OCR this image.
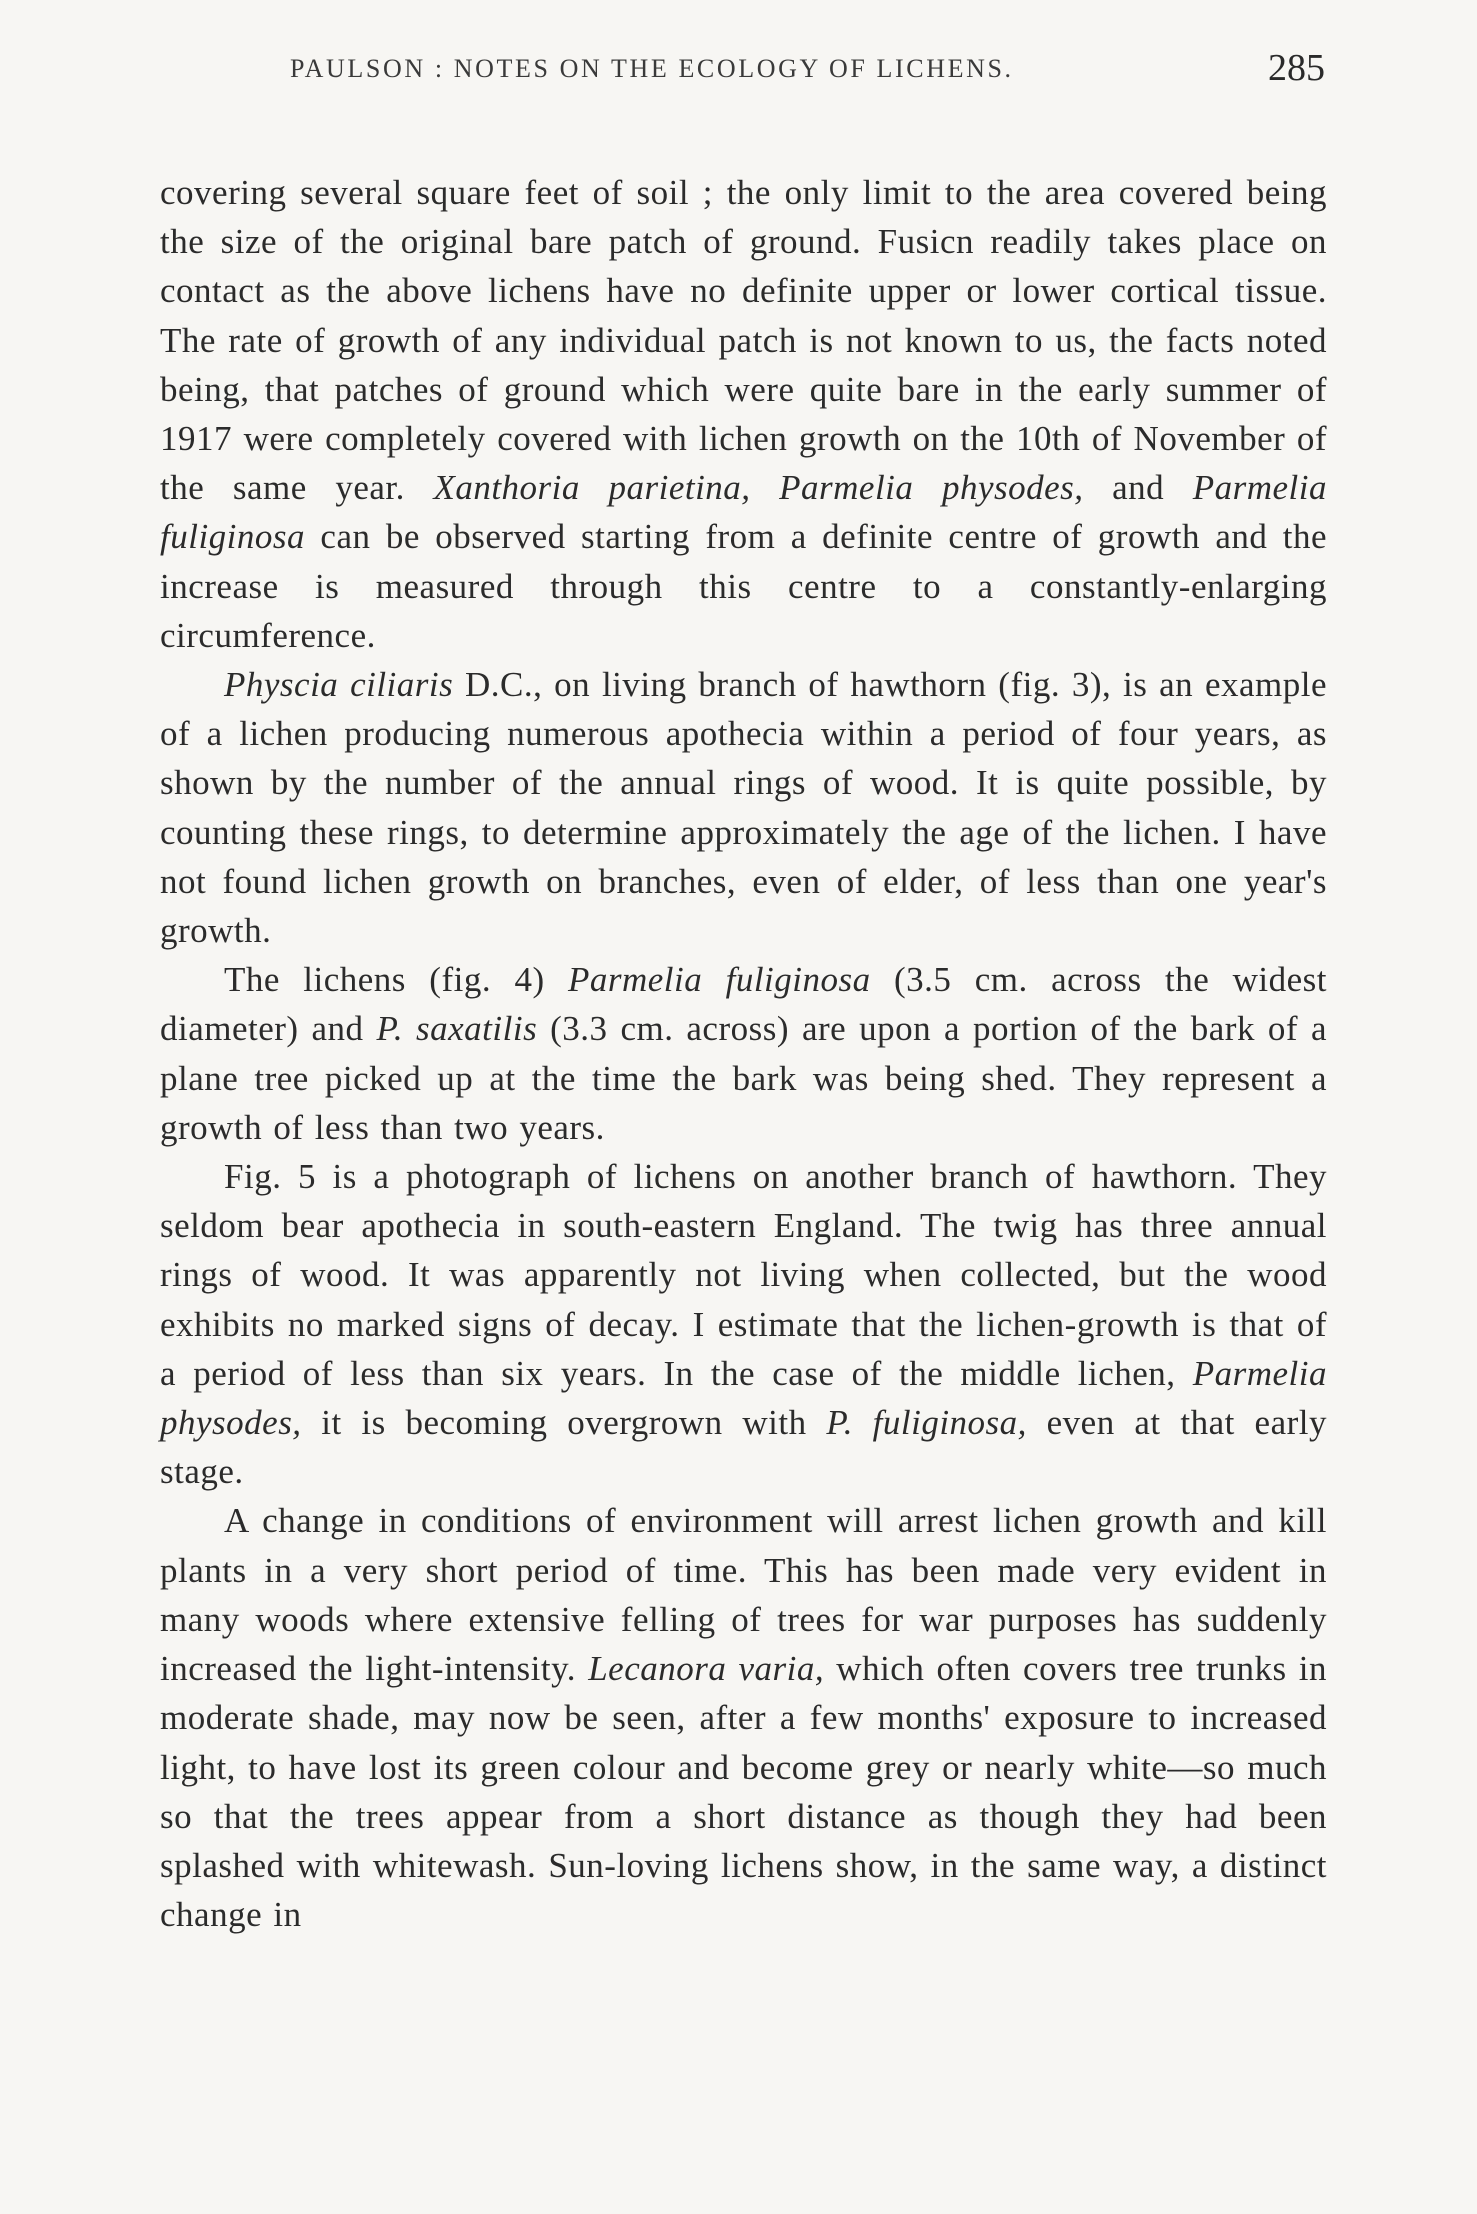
PAULSON : NOTES ON THE ECOLOGY OF LICHENS.	285

covering several square feet of soil ; the only limit to the area covered being the size of the original bare patch of ground. Fusicn readily takes place on contact as the above lichens have no definite upper or lower cortical tissue. The rate of growth of any individual patch is not known to us, the facts noted being, that patches of ground which were quite bare in the early summer of 1917 were completely covered with lichen growth on the 10th of November of the same year. Xanthoria parietina, Parmelia physodes, and Parmelia fuliginosa can be observed starting from a definite centre of growth and the increase is measured through this centre to a constantly-enlarging circumference.

Physcia ciliaris D.C., on living branch of hawthorn (fig. 3), is an example of a lichen producing numerous apothecia within a period of four years, as shown by the number of the annual rings of wood. It is quite possible, by counting these rings, to determine approximately the age of the lichen. I have not found lichen growth on branches, even of elder, of less than one year's growth.

The lichens (fig. 4) Parmelia fuliginosa (3.5 cm. across the widest diameter) and P. saxatilis (3.3 cm. across) are upon a portion of the bark of a plane tree picked up at the time the bark was being shed. They represent a growth of less than two years.

Fig. 5 is a photograph of lichens on another branch of hawthorn. They seldom bear apothecia in south-eastern England. The twig has three annual rings of wood. It was apparently not living when collected, but the wood exhibits no marked signs of decay. I estimate that the lichen-growth is that of a period of less than six years. In the case of the middle lichen, Parmelia physodes, it is becoming overgrown with P. fuliginosa, even at that early stage.

A change in conditions of environment will arrest lichen growth and kill plants in a very short period of time. This has been made very evident in many woods where extensive felling of trees for war purposes has suddenly increased the light-intensity. Lecanora varia, which often covers tree trunks in moderate shade, may now be seen, after a few months' exposure to increased light, to have lost its green colour and become grey or nearly white—so much so that the trees appear from a short distance as though they had been splashed with whitewash. Sun-loving lichens show, in the same way, a distinct change in
